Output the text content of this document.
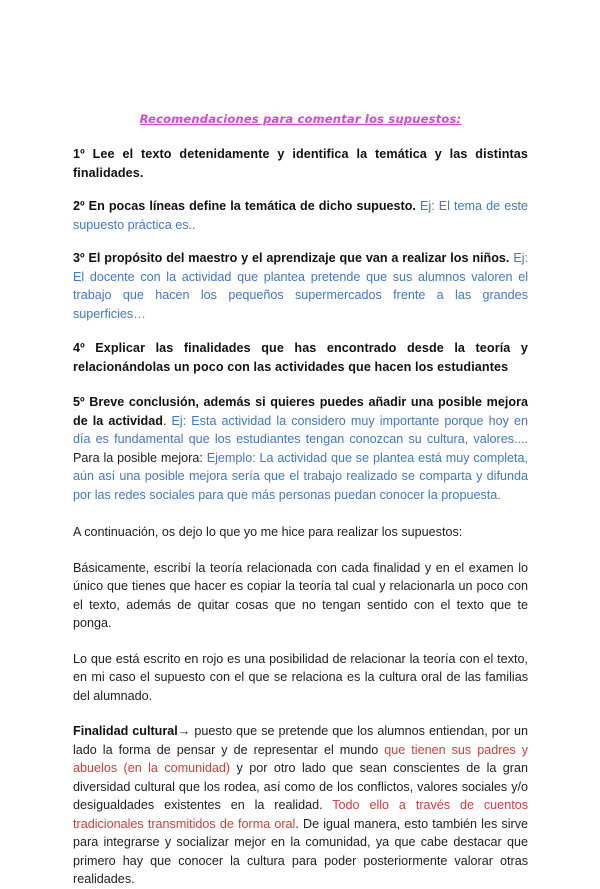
Recomendaciones para comentar los supuestos:

1º Lee el texto detenidamente y identifica la temática y las distintas finalidades.

2º En pocas líneas define la temática de dicho supuesto. Ej: El tema de este supuesto práctica es..

3º El propósito del maestro y el aprendizaje que van a realizar los niños. Ej: El docente con la actividad que plantea pretende que sus alumnos valoren el trabajo que hacen los pequeños supermercados frente a las grandes superficies…

4º Explicar las finalidades que has encontrado desde la teoría y relacionándolas un poco con las actividades que hacen los estudiantes

5º Breve conclusión, además si quieres puedes añadir una posible mejora de la actividad. Ej: Esta actividad la considero muy importante porque hoy en día es fundamental que los estudiantes tengan conozcan su cultura, valores.... Para la posible mejora: Ejemplo: La actividad que se plantea está muy completa, aún así una posible mejora sería que el trabajo realizado se comparta y difunda por las redes sociales para que más personas puedan conocer la propuesta.

A continuación, os dejo lo que yo me hice para realizar los supuestos:

Básicamente, escribí la teoría relacionada con cada finalidad y en el examen lo único que tienes que hacer es copiar la teoría tal cual y relacionarla un poco con el texto, además de quitar cosas que no tengan sentido con el texto que te ponga.

Lo que está escrito en rojo es una posibilidad de relacionar la teoría con el texto, en mi caso el supuesto con el que se relaciona es la cultura oral de las familias del alumnado.

Finalidad cultural→ puesto que se pretende que los alumnos entiendan, por un lado la forma de pensar y de representar el mundo que tienen sus padres y abuelos (en la comunidad) y por otro lado que sean conscientes de la gran diversidad cultural que los rodea, así como de los conflictos, valores sociales y/o desigualdades existentes en la realidad. Todo ello a través de cuentos tradicionales transmitidos de forma oral. De igual manera, esto también les sirve para integrarse y socializar mejor en la comunidad, ya que cabe destacar que primero hay que conocer la cultura para poder posteriormente valorar otras realidades.
